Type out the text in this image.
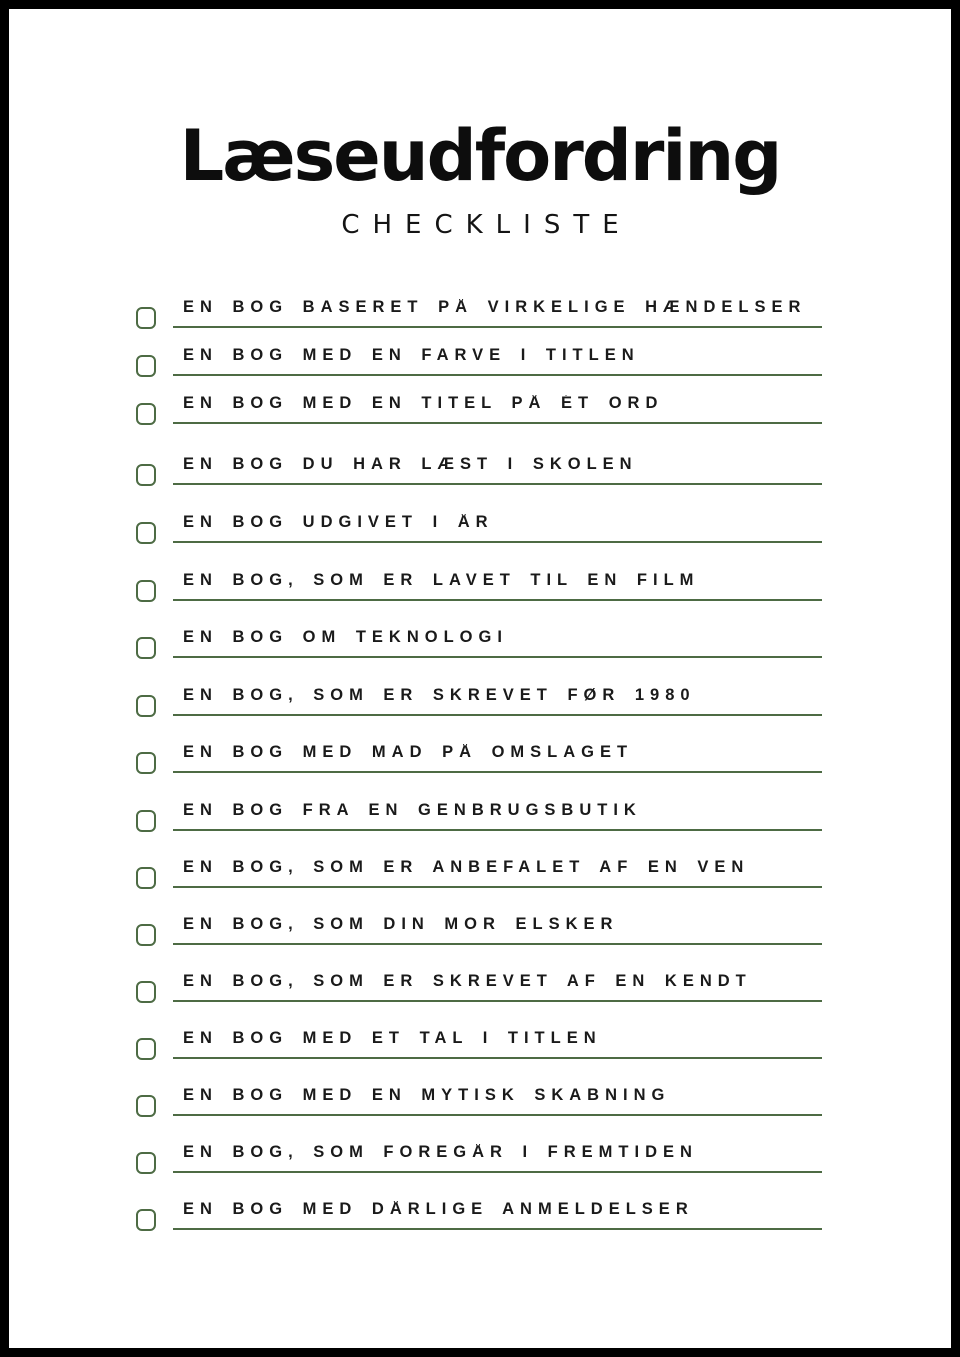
Læseudfordring
CHECKLISTE
EN BOG BASERET PÅ VIRKELIGE HÆNDELSER
EN BOG MED EN FARVE I TITLEN
EN BOG MED EN TITEL PÅ ÉT ORD
EN BOG DU HAR LÆST I SKOLEN
EN BOG UDGIVET I ÅR
EN BOG, SOM ER LAVET TIL EN FILM
EN BOG OM TEKNOLOGI
EN BOG, SOM ER SKREVET FØR 1980
EN BOG MED MAD PÅ OMSLAGET
EN BOG FRA EN GENBRUGSBUTIK
EN BOG, SOM ER ANBEFALET AF EN VEN
EN BOG, SOM DIN MOR ELSKER
EN BOG, SOM ER SKREVET AF EN KENDT
EN BOG MED ET TAL I TITLEN
EN BOG MED EN MYTISK SKABNING
EN BOG, SOM FOREGÅR I FREMTIDEN
EN BOG MED DÅRLIGE ANMELDELSER
